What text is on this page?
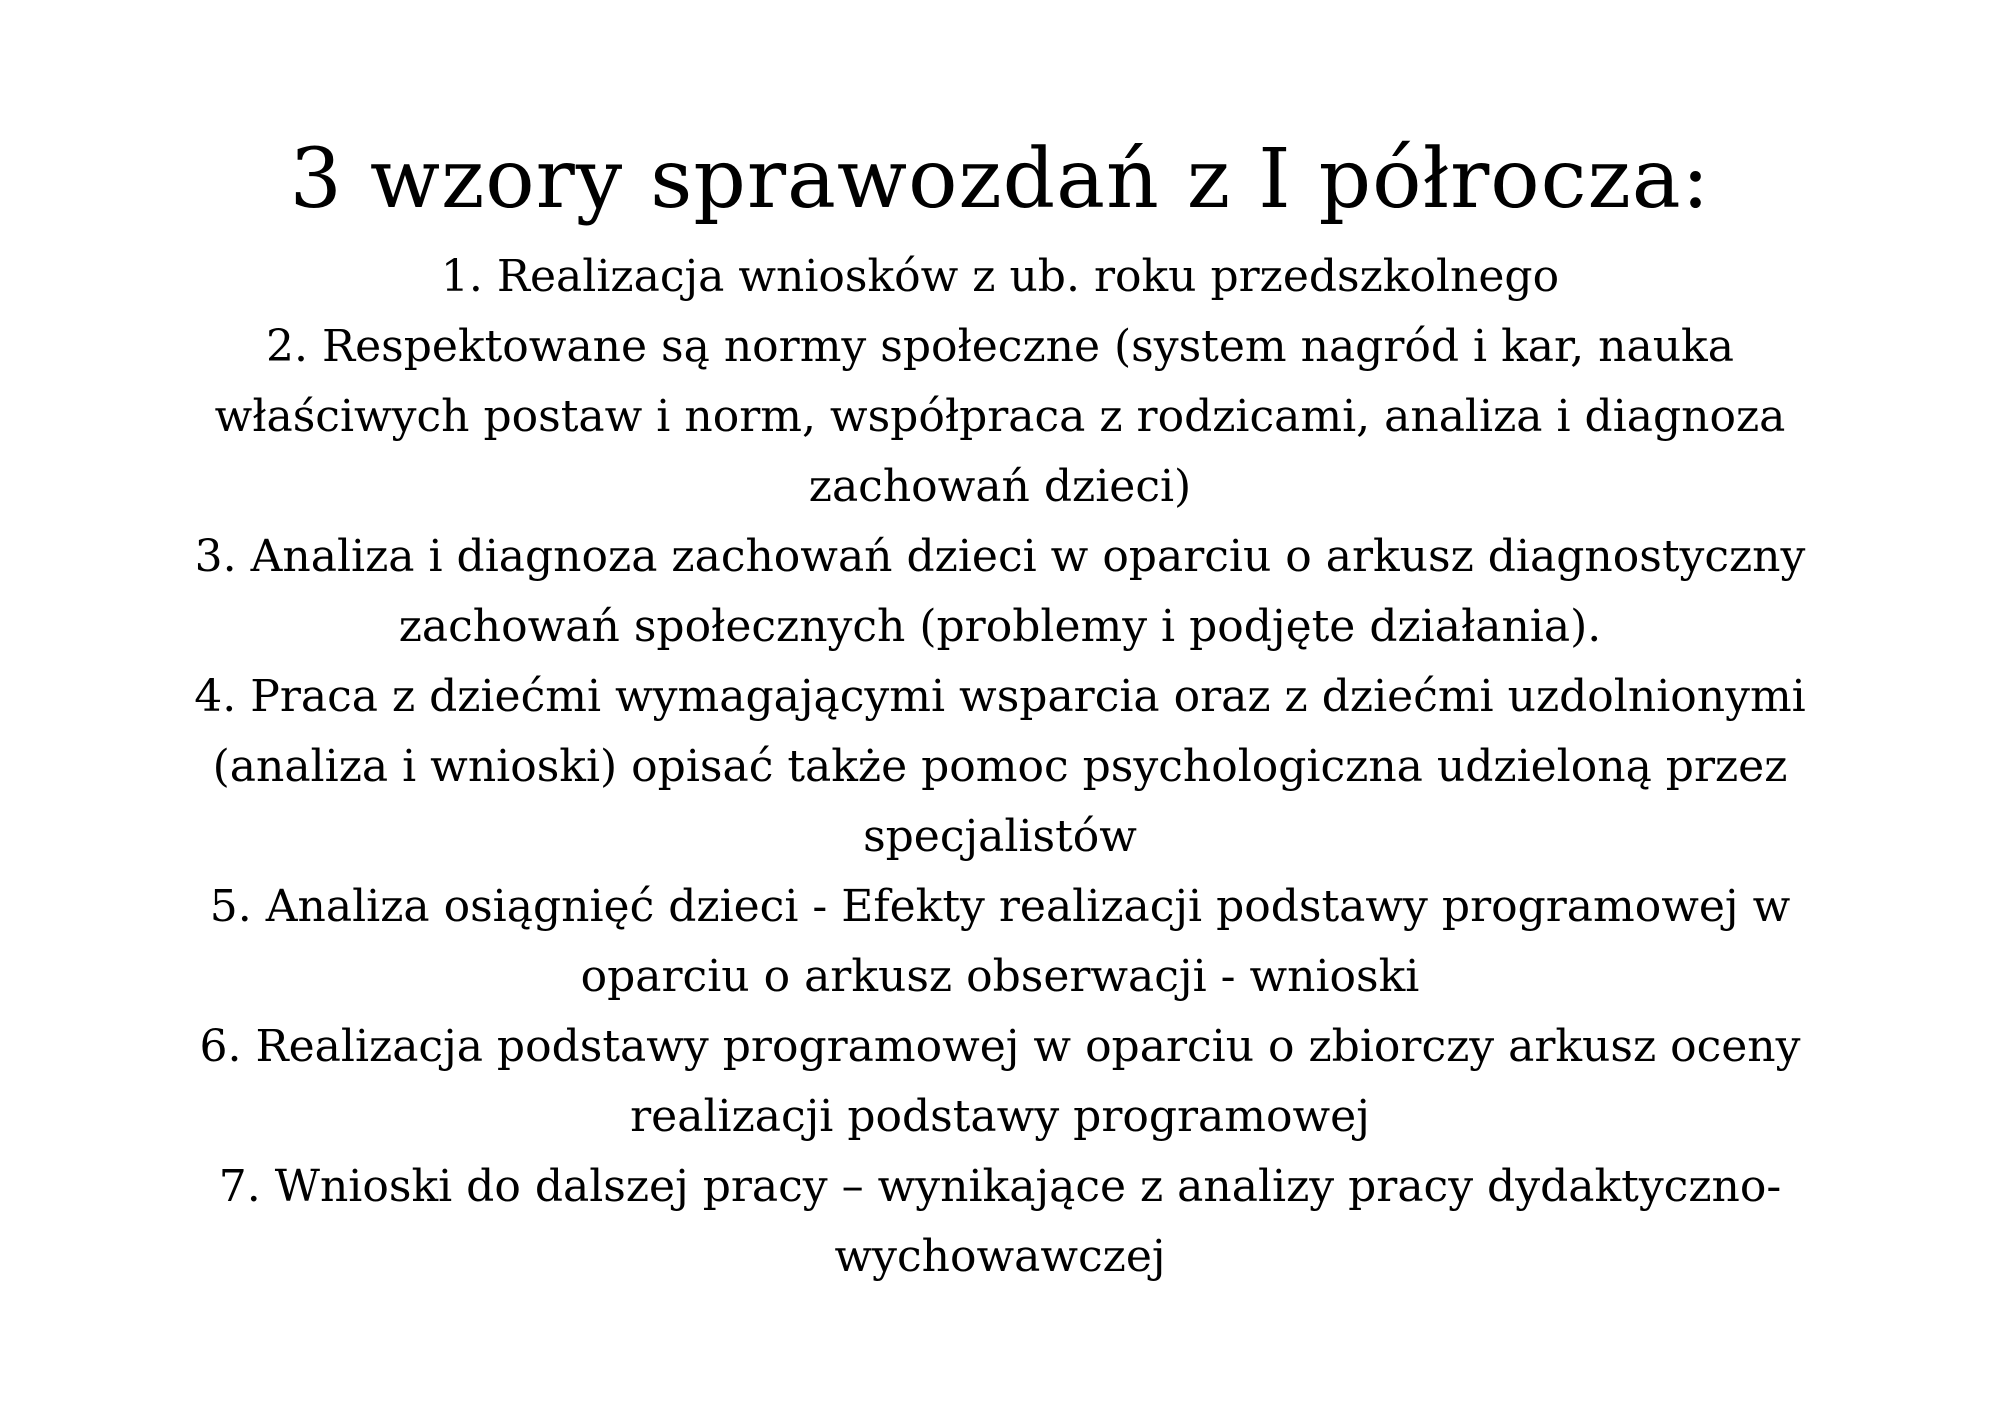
3 wzory sprawozdań z I półrocza:

1. Realizacja wniosków z ub. roku przedszkolnego

2. Respektowane są normy społeczne (system nagród i kar, nauka
właściwych postaw i norm, współpraca z rodzicami, analiza i diagnoza
zachowań dzieci)

3. Analiza i diagnoza zachowań dzieci w oparciu o arkusz diagnostyczny
zachowań społecznych (problemy i podjęte działania).

4. Praca z dziećmi wymagającymi wsparcia oraz z dziećmi uzdolnionymi
(analiza i wnioski) opisać także pomoc psychologiczna udzieloną przez
specjalistów

5. Analiza osiągnięć dzieci - Efekty realizacji podstawy programowej w
oparciu o arkusz obserwacji - wnioski

6. Realizacja podstawy programowej w oparciu o zbiorczy arkusz oceny
realizacji podstawy programowej

7. Wnioski do dalszej pracy – wynikające z analizy pracy dydaktyczno-
wychowawczej
